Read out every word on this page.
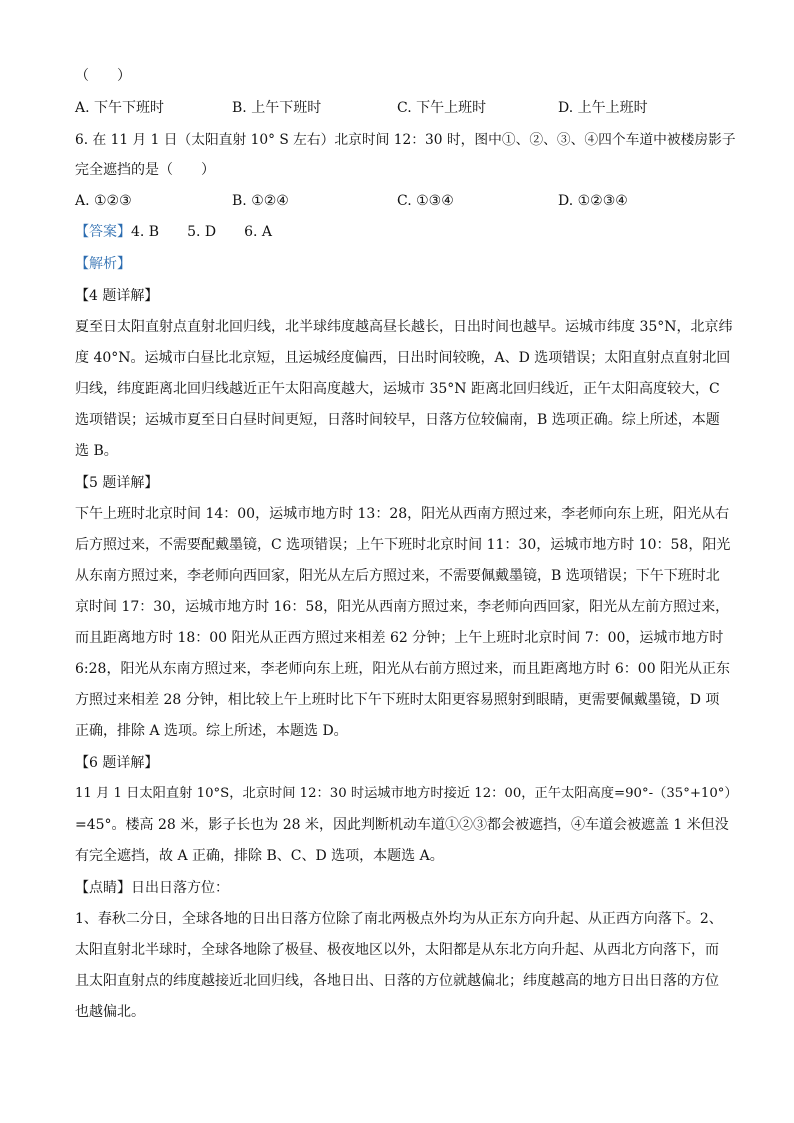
（　　）
A. 下午下班时	B. 上午下班时	C. 下午上班时	D. 上午上班时
6. 在 11 月 1 日（太阳直射 10° S 左右）北京时间 12：30 时，图中①、②、③、④四个车道中被楼房影子
完全遮挡的是（　　）
A. ①②③	B. ①②④	C. ①③④	D. ①②③④
【答案】4. B　　5. D　　6. A
【解析】
【4 题详解】
夏至日太阳直射点直射北回归线，北半球纬度越高昼长越长，日出时间也越早。运城市纬度 35°N，北京纬
度 40°N。运城市白昼比北京短，且运城经度偏西，日出时间较晚，A、D 选项错误；太阳直射点直射北回
归线，纬度距离北回归线越近正午太阳高度越大，运城市 35°N 距离北回归线近，正午太阳高度较大，C
选项错误；运城市夏至日白昼时间更短，日落时间较早，日落方位较偏南，B 选项正确。综上所述，本题
选 B。
【5 题详解】
下午上班时北京时间 14：00，运城市地方时 13：28，阳光从西南方照过来，李老师向东上班，阳光从右
后方照过来，不需要配戴墨镜，C 选项错误；上午下班时北京时间 11：30，运城市地方时 10：58，阳光
从东南方照过来，李老师向西回家，阳光从左后方照过来，不需要佩戴墨镜，B 选项错误；下午下班时北
京时间 17：30，运城市地方时 16：58，阳光从西南方照过来，李老师向西回家，阳光从左前方照过来，
而且距离地方时 18：00 阳光从正西方照过来相差 62 分钟；上午上班时北京时间 7：00，运城市地方时
6:28，阳光从东南方照过来，李老师向东上班，阳光从右前方照过来，而且距离地方时 6：00 阳光从正东
方照过来相差 28 分钟，相比较上午上班时比下午下班时太阳更容易照射到眼睛，更需要佩戴墨镜，D 项
正确，排除 A 选项。综上所述，本题选 D。
【6 题详解】
11 月 1 日太阳直射 10°S，北京时间 12：30 时运城市地方时接近 12：00，正午太阳高度=90°-（35°+10°）
=45°。楼高 28 米，影子长也为 28 米，因此判断机动车道①②③都会被遮挡，④车道会被遮盖 1 米但没
有完全遮挡，故 A 正确，排除 B、C、D 选项，本题选 A。
【点睛】日出日落方位：
1、春秋二分日，全球各地的日出日落方位除了南北两极点外均为从正东方向升起、从正西方向落下。2、
太阳直射北半球时，全球各地除了极昼、极夜地区以外，太阳都是从东北方向升起、从西北方向落下，而
且太阳直射点的纬度越接近北回归线，各地日出、日落的方位就越偏北；纬度越高的地方日出日落的方位
也越偏北。
